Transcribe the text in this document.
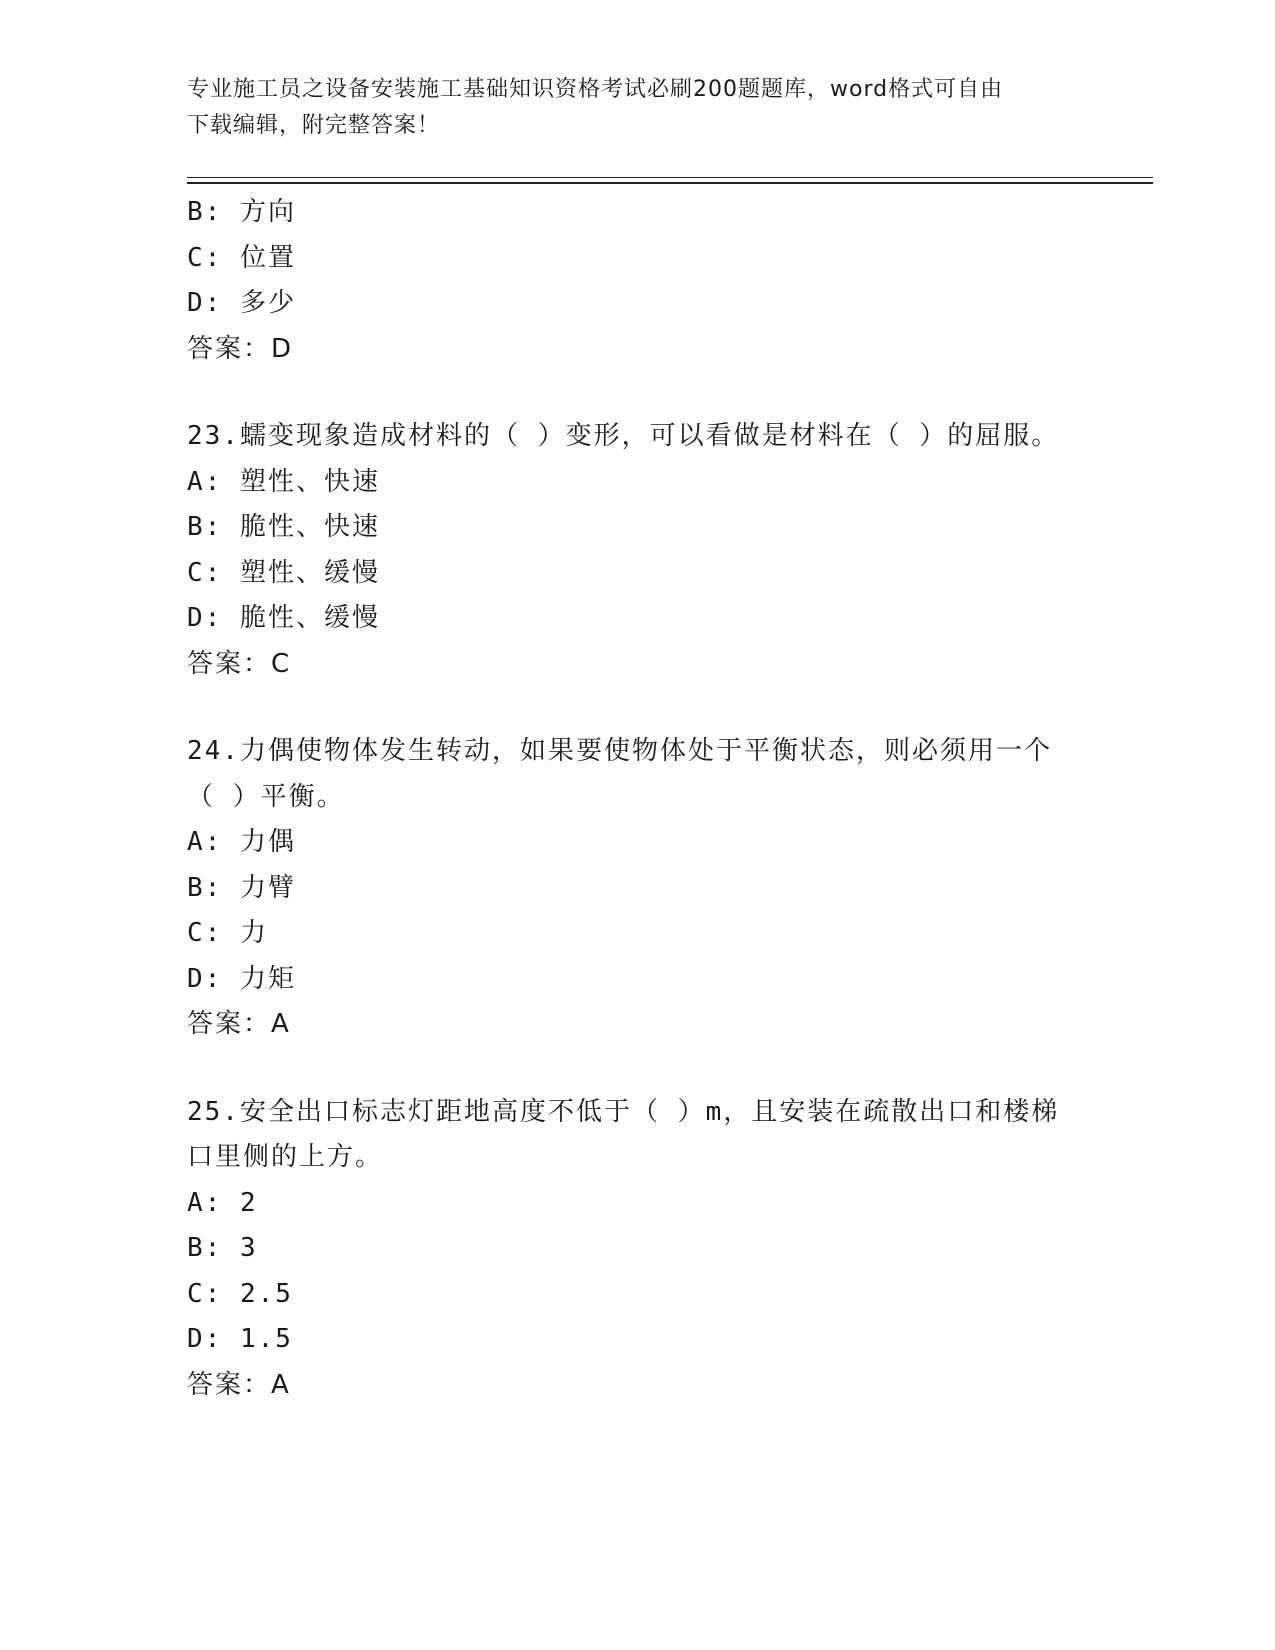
专业施工员之设备安装施工基础知识资格考试必刷200题题库，word格式可自由
下载编辑，附完整答案！
B: 方向
C: 位置
D: 多少
答案：D
23.蠕变现象造成材料的（ ）变形，可以看做是材料在（ ）的屈服。
A: 塑性、快速
B: 脆性、快速
C: 塑性、缓慢
D: 脆性、缓慢
答案：C
24.力偶使物体发生转动，如果要使物体处于平衡状态，则必须用一个
（ ）平衡。
A: 力偶
B: 力臂
C: 力
D: 力矩
答案：A
25.安全出口标志灯距地高度不低于（ ）m，且安装在疏散出口和楼梯
口里侧的上方。
A: 2
B: 3
C: 2.5
D: 1.5
答案：A
